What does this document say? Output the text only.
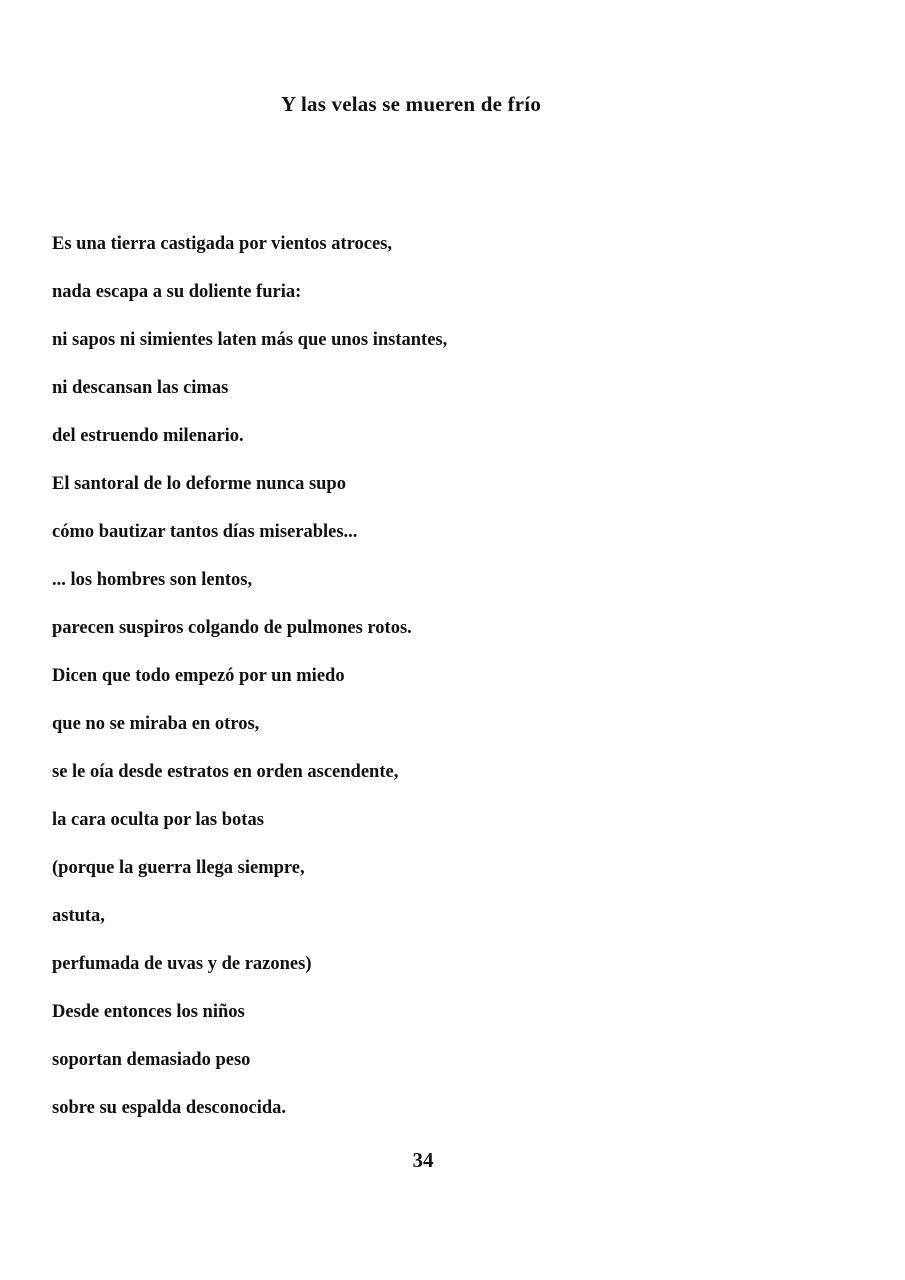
Y las velas se mueren de frío
Es una tierra castigada por vientos atroces,
nada escapa a su doliente furia:
ni sapos ni simientes laten más que unos instantes,
ni descansan las cimas
del estruendo milenario.
El santoral de lo deforme nunca supo
cómo bautizar tantos días miserables...
... los hombres son lentos,
parecen suspiros colgando de pulmones rotos.
Dicen que todo empezó por un miedo
que no se miraba en otros,
se le oía desde estratos en orden ascendente,
la cara oculta por las botas
(porque la guerra llega siempre,
astuta,
perfumada de uvas y de razones)
Desde entonces los niños
soportan demasiado peso
sobre su espalda desconocida.
34
